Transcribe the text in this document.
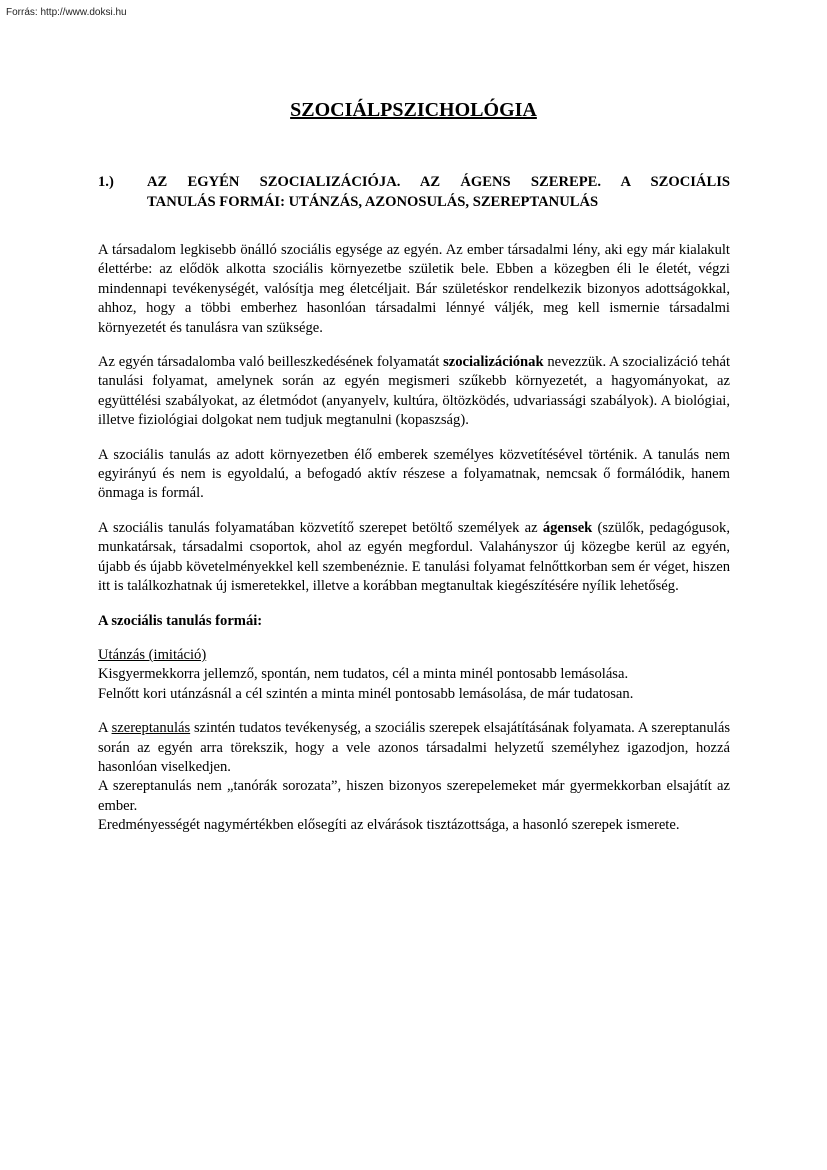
Forrás: http://www.doksi.hu
SZOCIÁLPSZICHOLÓGIA
1.) AZ EGYÉN SZOCIALIZÁCIÓJA. AZ ÁGENS SZEREPE. A SZOCIÁLIS
TANULÁS FORMÁI: UTÁNZÁS, AZONOSULÁS, SZEREPTANULÁS

A társadalom legkisebb önálló szociális egysége az egyén. Az ember társadalmi lény, aki egy már kialakult élettérbe: az elődök alkotta szociális környezetbe születik bele. Ebben a közegben éli le életét, végzi mindennapi tevékenységét, valósítja meg életcéljait. Bár születéskor rendelkezik bizonyos adottságokkal, ahhoz, hogy a többi emberhez hasonlóan társadalmi lénnyé váljék, meg kell ismernie társadalmi környezetét és tanulásra van szüksége.

Az egyén társadalomba való beilleszkedésének folyamatát szocializációnak nevezzük. A szocializáció tehát tanulási folyamat, amelynek során az egyén megismeri szűkebb környezetét, a hagyományokat, az együttélési szabályokat, az életmódot (anyanyelv, kultúra, öltözködés, udvariassági szabályok). A biológiai, illetve fiziológiai dolgokat nem tudjuk megtanulni (kopaszság).

A szociális tanulás az adott környezetben élő emberek személyes közvetítésével történik. A tanulás nem egyirányú és nem is egyoldalú, a befogadó aktív részese a folyamatnak, nemcsak ő formálódik, hanem önmaga is formál.

A szociális tanulás folyamatában közvetítő szerepet betöltő személyek az ágensek (szülők, pedagógusok, munkatársak, társadalmi csoportok, ahol az egyén megfordul. Valahányszor új közegbe kerül az egyén, újabb és újabb követelményekkel kell szembenéznie. E tanulási folyamat felnőttkorban sem ér véget, hiszen itt is találkozhatnak új ismeretekkel, illetve a korábban megtanultak kiegészítésére nyílik lehetőség.

A szociális tanulás formái:

Utánzás (imitáció)
Kisgyermekkorra jellemző, spontán, nem tudatos, cél a minta minél pontosabb lemásolása.
Felnőtt kori utánzásnál a cél szintén a minta minél pontosabb lemásolása, de már tudatosan.

A szereptanulás szintén tudatos tevékenység, a szociális szerepek elsajátításának folyamata. A szereptanulás során az egyén arra törekszik, hogy a vele azonos társadalmi helyzetű személyhez igazodjon, hozzá hasonlóan viselkedjen.

A szereptanulás nem „tanórák sorozata”, hiszen bizonyos szerepelemeket már gyermekkorban elsajátít az ember.

Eredményességét nagymértékben elősegíti az elvárások tisztázottsága, a hasonló szerepek ismerete.
